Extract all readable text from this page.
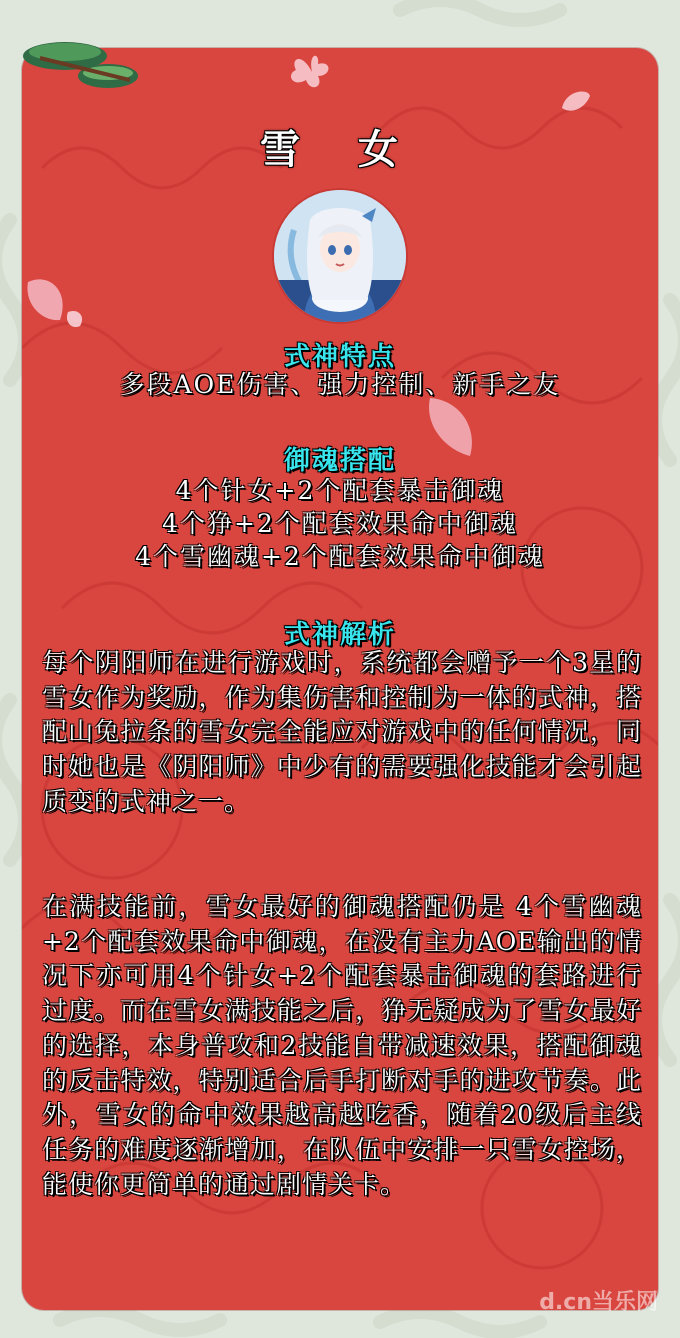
雪 女
式神特点
多段AOE伤害、强力控制、新手之友
御魂搭配
4个针女+2个配套暴击御魂
4个狰+2个配套效果命中御魂
4个雪幽魂+2个配套效果命中御魂
式神解析
每个阴阳师在进行游戏时，系统都会赠予一个3星的雪女作为奖励，作为集伤害和控制为一体的式神，搭配山兔拉条的雪女完全能应对游戏中的任何情况，同时她也是《阴阳师》中少有的需要强化技能才会引起质变的式神之一。
在满技能前，雪女最好的御魂搭配仍是 4个雪幽魂+2个配套效果命中御魂，在没有主力AOE输出的情况下亦可用4个针女+2个配套暴击御魂的套路进行过度。而在雪女满技能之后，狰无疑成为了雪女最好的选择，本身普攻和2技能自带减速效果，搭配御魂的反击特效，特别适合后手打断对手的进攻节奏。此外，雪女的命中效果越高越吃香，随着20级后主线任务的难度逐渐增加，在队伍中安排一只雪女控场，能使你更简单的通过剧情关卡。
d.cn当乐网
